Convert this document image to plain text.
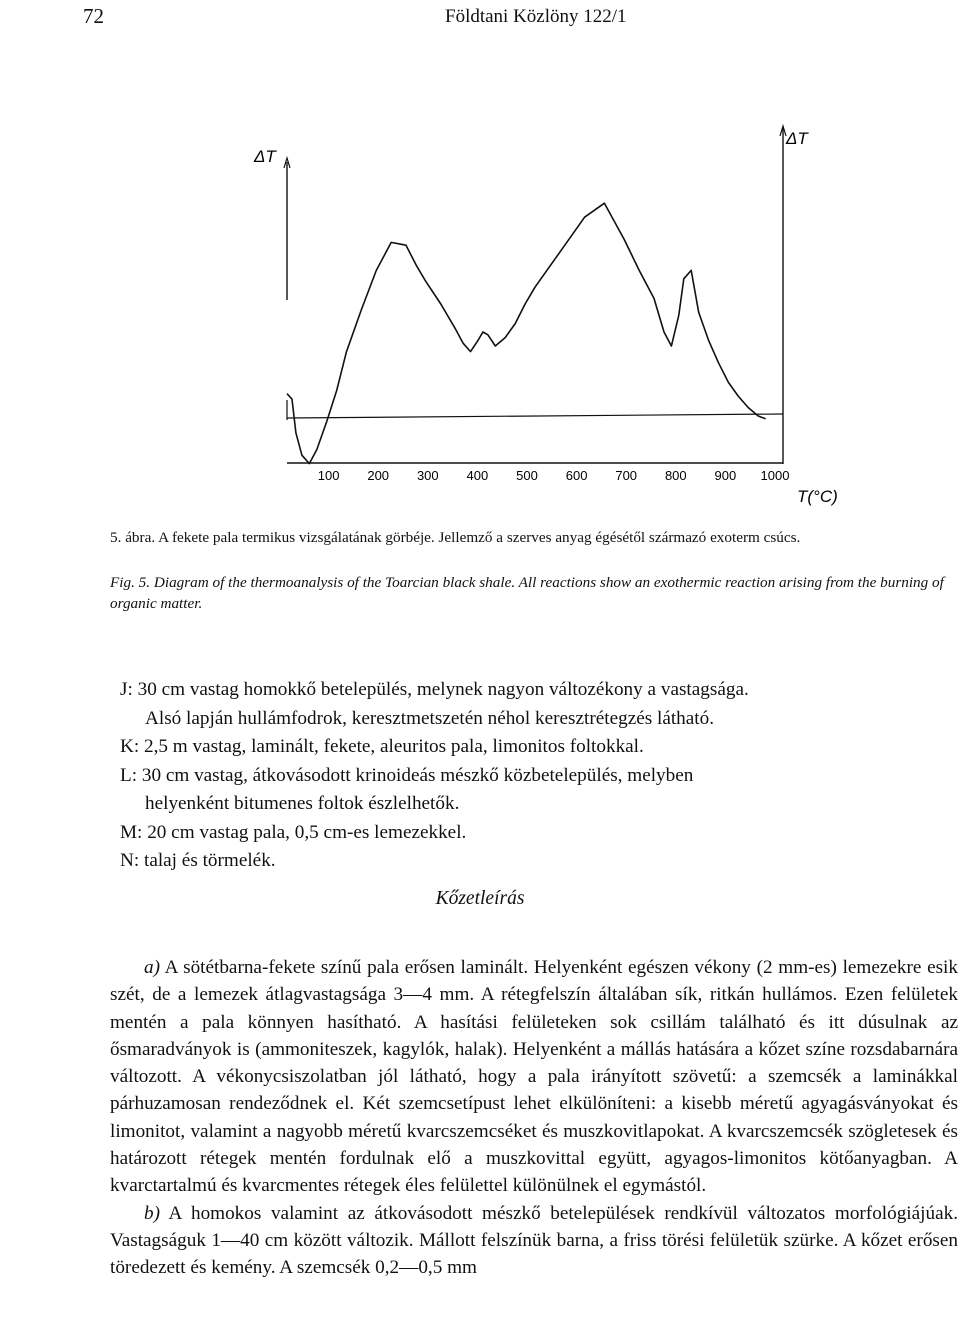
72	Földtani Közlöny 122/1
ΔT
ΔT
T(°C)
100 200 300 400 500 600 700 800 900 1000
5. ábra. A fekete pala termikus vizsgálatának görbéje. Jellemző a szerves anyag égésétől származó exoterm csúcs.
Fig. 5. Diagram of the thermoanalysis of the Toarcian black shale. All reactions show an exothermic reaction arising from the burning of organic matter.

J: 30 cm vastag homokkő betelepülés, melynek nagyon változékony a vastagsága.

Alsó lapján hullámfodrok, keresztmetszetén néhol keresztrétegzés látható.

K: 2,5 m vastag, laminált, fekete, aleuritos pala, limonitos foltokkal.

L: 30 cm vastag, átkovásodott krinoideás mészkő közbetelepülés, melyben

helyenként bitumenes foltok észlelhetők.

M: 20 cm vastag pala, 0,5 cm-es lemezekkel.

N: talaj és törmelék.

Kőzetleírás

a) A sötétbarna-fekete színű pala erősen laminált. Helyenként egészen vékony (2 mm-es) lemezekre esik szét, de a lemezek átlagvastagsága 3—4 mm. A rétegfelszín általában sík, ritkán hullámos. Ezen felületek mentén a pala könnyen hasítható. A hasítási felületeken sok csillám található és itt dúsulnak az ősmaradványok is (ammoniteszek, kagylók, halak). Helyenként a mállás hatására a kőzet színe rozsdabarnára változott. A vékonycsiszolatban jól látható, hogy a pala irányított szövetű: a szemcsék a laminákkal párhuzamosan rendeződnek el. Két szemcsetípust lehet elkülöníteni: a kisebb méretű agyagásványokat és limonitot, valamint a nagyobb méretű kvarcszemcséket és muszkovitlapokat. A kvarcszemcsék szögletesek és határozott rétegek mentén fordulnak elő a muszkovittal együtt, agyagos-limonitos kötőanyagban. A kvarctartalmú és kvarcmentes rétegek éles felülettel különülnek el egymástól.

b) A homokos valamint az átkovásodott mészkő betelepülések rendkívül változatos morfológiájúak. Vastagságuk 1—40 cm között változik. Mállott felszínük barna, a friss törési felületük szürke. A kőzet erősen töredezett és kemény. A szemcsék 0,2—0,5 mm
